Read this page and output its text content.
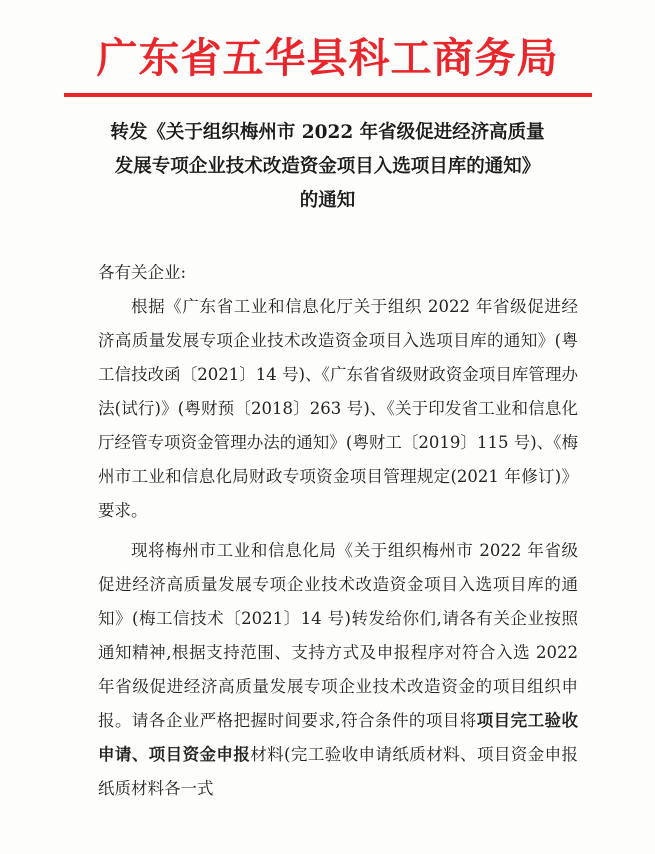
广东省五华县科工商务局
转发《关于组织梅州市 2022 年省级促进经济高质量
发展专项企业技术改造资金项目入选项目库的通知》
的通知

各有关企业:

根据《广东省工业和信息化厅关于组织 2022 年省级促进经济高质量发展专项企业技术改造资金项目入选项目库的通知》(粤工信技改函〔2021〕14 号)、《广东省省级财政资金项目库管理办法(试行)》(粤财预〔2018〕263 号)、《关于印发省工业和信息化厅经管专项资金管理办法的通知》(粤财工〔2019〕115 号)、《梅州市工业和信息化局财政专项资金项目管理规定(2021 年修订)》要求。

现将梅州市工业和信息化局《关于组织梅州市 2022 年省级促进经济高质量发展专项企业技术改造资金项目入选项目库的通知》(梅工信技术〔2021〕14 号)转发给你们,请各有关企业按照通知精神,根据支持范围、支持方式及申报程序对符合入选 2022 年省级促进经济高质量发展专项企业技术改造资金的项目组织申报。请各企业严格把握时间要求,符合条件的项目将项目完工验收申请、项目资金申报材料(完工验收申请纸质材料、项目资金申报纸质材料各一式
